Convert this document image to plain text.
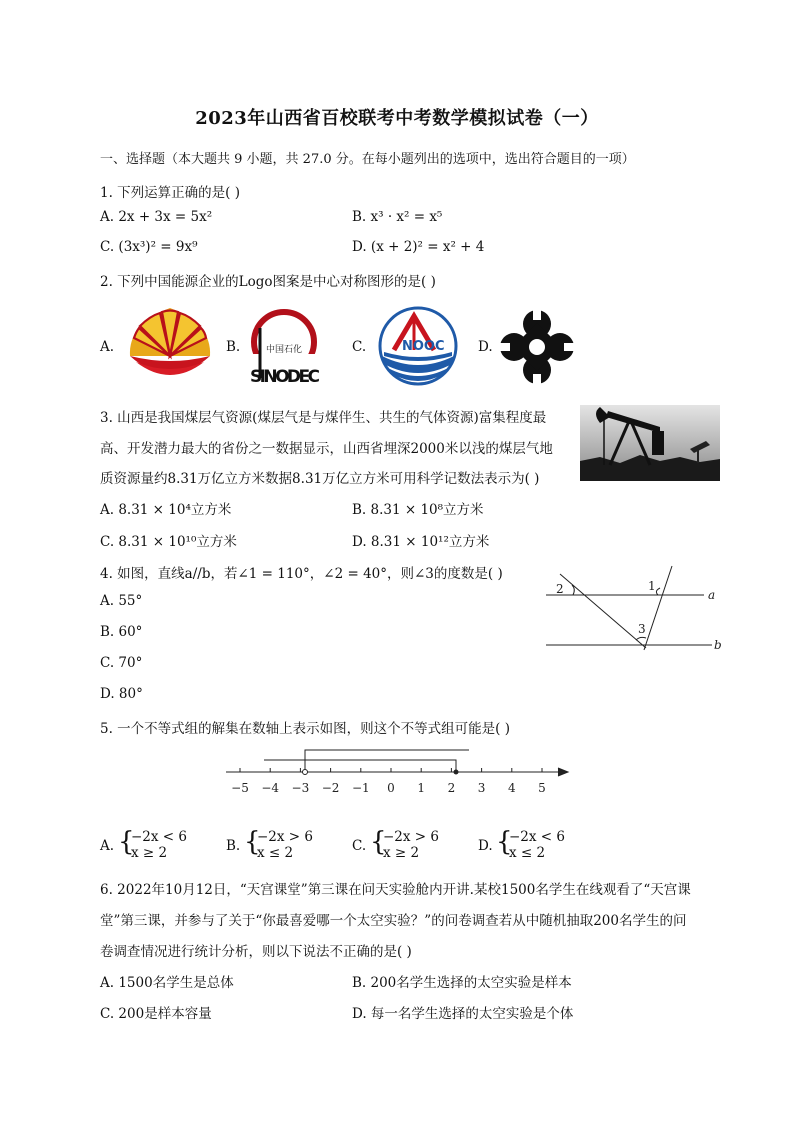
2023年山西省百校联考中考数学模拟试卷（一）
一、选择题（本大题共 9 小题，共 27.0 分。在每小题列出的选项中，选出符合题目的一项）
1. 下列运算正确的是( )
A. 2x + 3x = 5x²	B. x³ · x² = x⁵
C. (3x³)² = 9x⁹	D. (x + 2)² = x² + 4
2. 下列中国能源企业的Logo图案是中心对称图形的是( )
A.	B.	C.	D.
中国石化
SINODEC
NOOC
3. 山西是我国煤层气资源(煤层气是与煤伴生、共生的气体资源)富集程度最
高、开发潜力最大的省份之一数据显示，山西省埋深2000米以浅的煤层气地
质资源量约8.31万亿立方米数据8.31万亿立方米可用科学记数法表示为( )
A. 8.31 × 10⁴立方米	B. 8.31 × 10⁸立方米
C. 8.31 × 10¹⁰立方米	D. 8.31 × 10¹²立方米
4. 如图，直线a//b，若∠1 = 110°，∠2 = 40°，则∠3的度数是( )
A. 55°
B. 60°
C. 70°
D. 80°
2	1
3
a
b
5. 一个不等式组的解集在数轴上表示如图，则这个不等式组可能是( )
−5 −4 −3 −2 −1 0 1 2 3 4 5
A. {
−2x < 6
x ≥ 2	B. {
−2x > 6
x ≤ 2	C. {
−2x > 6
x ≥ 2	D. {
−2x < 6
x ≤ 2
6. 2022年10月12日，“天宫课堂”第三课在问天实验舱内开讲.某校1500名学生在线观看了“天宫课
堂”第三课，并参与了关于“你最喜爱哪一个太空实验？”的问卷调查若从中随机抽取200名学生的问
卷调查情况进行统计分析，则以下说法不正确的是( )
A. 1500名学生是总体	B. 200名学生选择的太空实验是样本
C. 200是样本容量	D. 每一名学生选择的太空实验是个体
